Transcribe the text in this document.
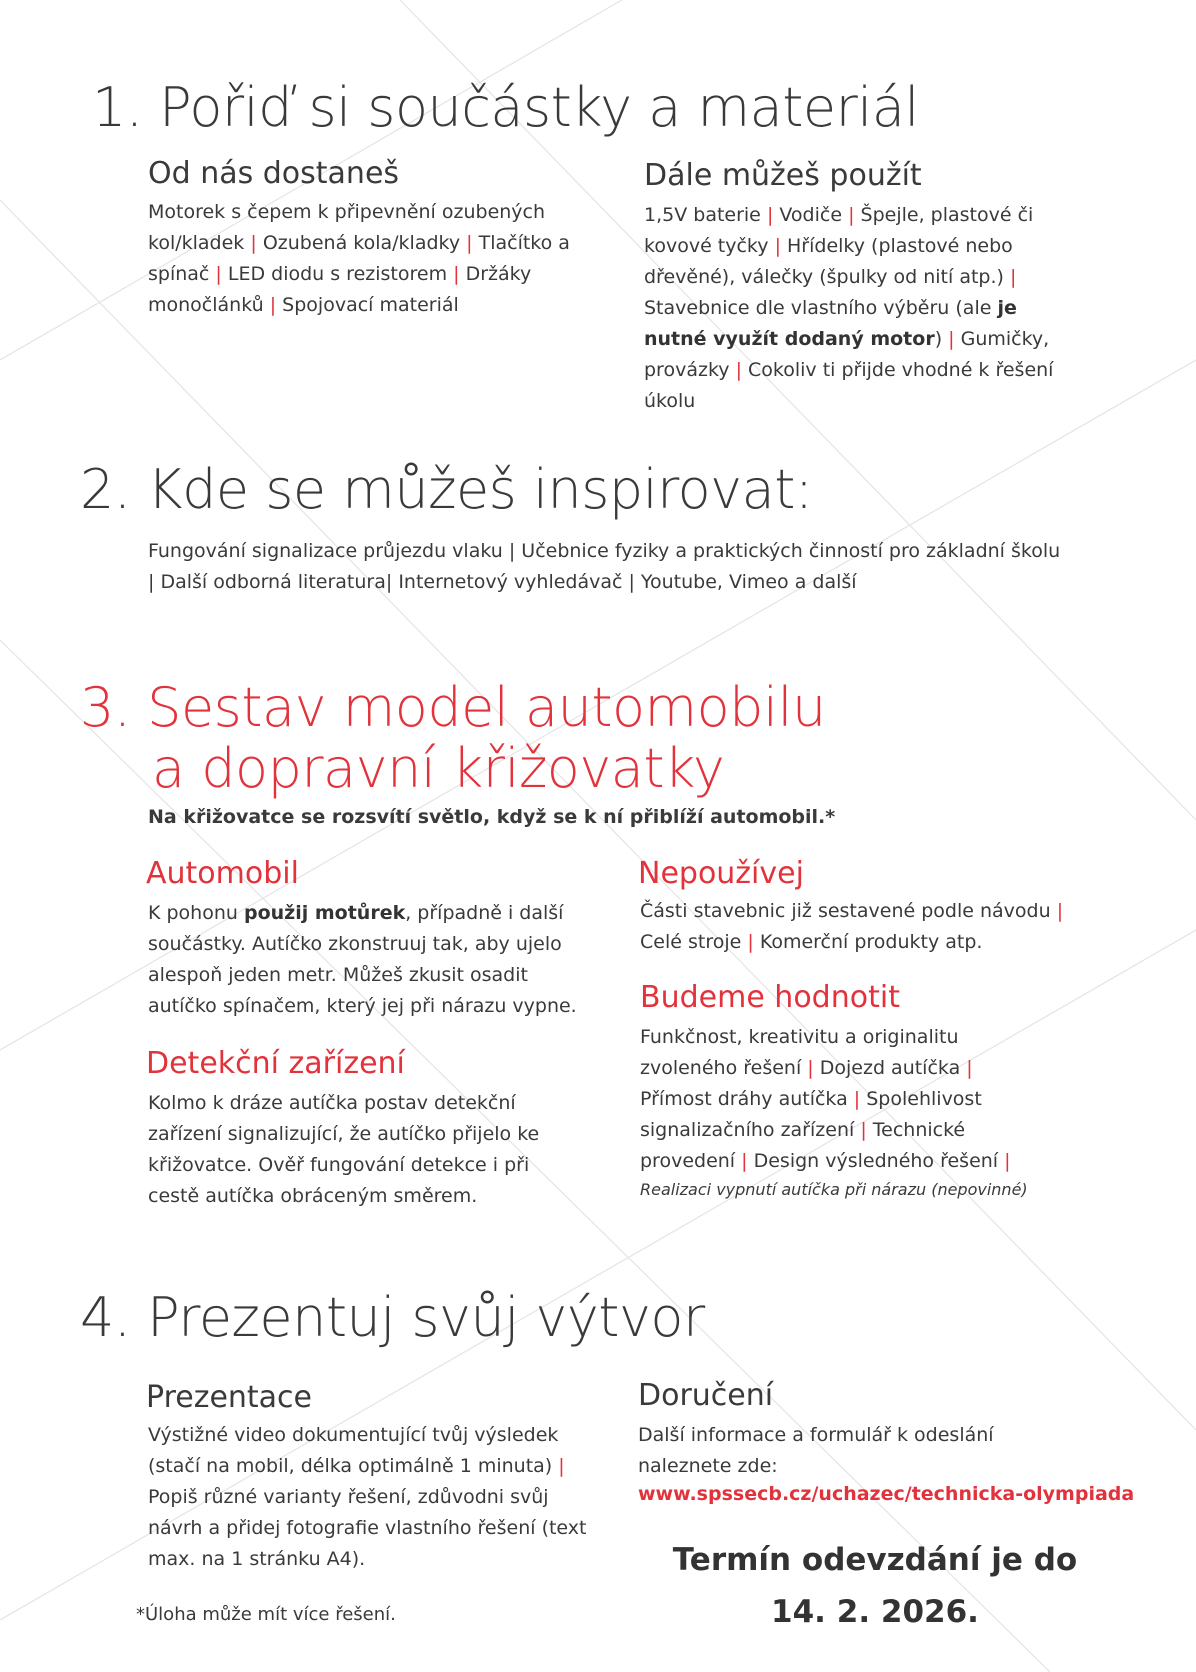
1. Pořiď si součástky a materiál
Od nás dostaneš
Motorek s čepem k připevnění ozubených kol/kladek | Ozubená kola/kladky | Tlačítko a spínač | LED diodu s rezistorem | Držáky monočlánků | Spojovací materiál
Dále můžeš použít
1,5V baterie | Vodiče | Špejle, plastové či kovové tyčky | Hřídelky (plastové nebo dřevěné), válečky (špulky od nití atp.) | Stavebnice dle vlastního výběru (ale je nutné využít dodaný motor) | Gumičky, provázky | Cokoliv ti přijde vhodné k řešení úkolu
2. Kde se můžeš inspirovat:
Fungování signalizace průjezdu vlaku | Učebnice fyziky a praktických činností pro základní školu | Další odborná literatura| Internetový vyhledávač | Youtube, Vimeo a další
3. Sestav model automobilu
a dopravní křižovatky
Na křižovatce se rozsvítí světlo, když se k ní přiblíží automobil.*
Automobil
K pohonu použij motůrek, případně i další součástky. Autíčko zkonstruuj tak, aby ujelo alespoň jeden metr. Můžeš zkusit osadit autíčko spínačem, který jej při nárazu vypne.
Detekční zařízení
Kolmo k dráze autíčka postav detekční zařízení signalizující, že autíčko přijelo ke křižovatce. Ověř fungování detekce i při cestě autíčka obráceným směrem.
Nepoužívej
Části stavebnic již sestavené podle návodu | Celé stroje | Komerční produkty atp.
Budeme hodnotit
Funkčnost, kreativitu a originalitu zvoleného řešení | Dojezd autíčka | Přímost dráhy autíčka | Spolehlivost signalizačního zařízení | Technické provedení | Design výsledného řešení |
Realizaci vypnutí autíčka při nárazu (nepovinné)
4. Prezentuj svůj výtvor
Prezentace
Výstižné video dokumentující tvůj výsledek (stačí na mobil, délka optimálně 1 minuta) | Popiš různé varianty řešení, zdůvodni svůj návrh a přidej fotografie vlastního řešení (text max. na 1 stránku A4).
Doručení
Další informace a formulář k odeslání naleznete zde:
www.spssecb.cz/uchazec/technicka-olympiada
Termín odevzdání je do
14. 2. 2026.
*Úloha může mít více řešení.
